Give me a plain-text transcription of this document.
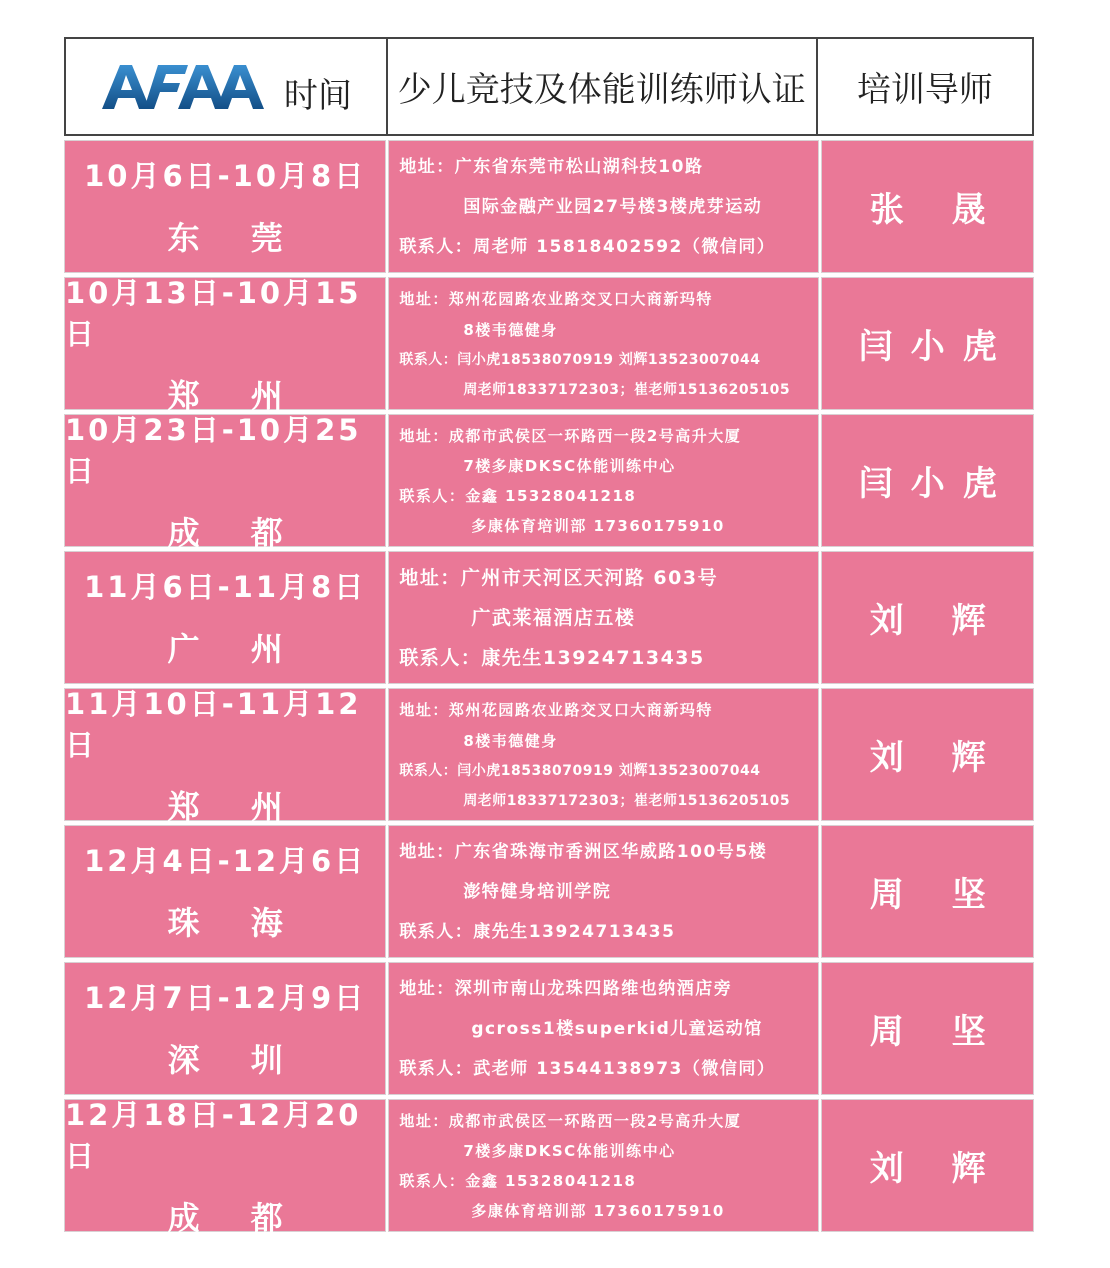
时间 少儿竞技及体能训练师认证	培训导师
10月6日-10月8日
东 莞
地址：广东省东莞市松山湖科技10路
国际金融产业园27号楼3楼虎芽运动
联系人：周老师 15818402592（微信同）
张 晟
10月13日-10月15日
郑 州
地址：郑州花园路农业路交叉口大商新玛特
8楼韦德健身
联系人：闫小虎18538070919 刘辉13523007044
周老师18337172303；崔老师15136205105
闫小虎
10月23日-10月25日
成 都
地址：成都市武侯区一环路西一段2号高升大厦
7楼多康DKSC体能训练中心
联系人：金鑫 15328041218
多康体育培训部 17360175910
闫小虎
11月6日-11月8日
广 州
地址：广州市天河区天河路 603号
广武莱福酒店五楼
联系人：康先生13924713435
刘 辉
11月10日-11月12日
郑 州
地址：郑州花园路农业路交叉口大商新玛特
8楼韦德健身
联系人：闫小虎18538070919 刘辉13523007044
周老师18337172303；崔老师15136205105
刘 辉
12月4日-12月6日
珠 海
地址：广东省珠海市香洲区华威路100号5楼
澎特健身培训学院
联系人：康先生13924713435
周 坚
12月7日-12月9日
深 圳
地址：深圳市南山龙珠四路维也纳酒店旁
gcross1楼superkid儿童运动馆
联系人：武老师 13544138973（微信同）
周 坚
12月18日-12月20日
成 都
地址：成都市武侯区一环路西一段2号高升大厦
7楼多康DKSC体能训练中心
联系人：金鑫 15328041218
多康体育培训部 17360175910
刘 辉
